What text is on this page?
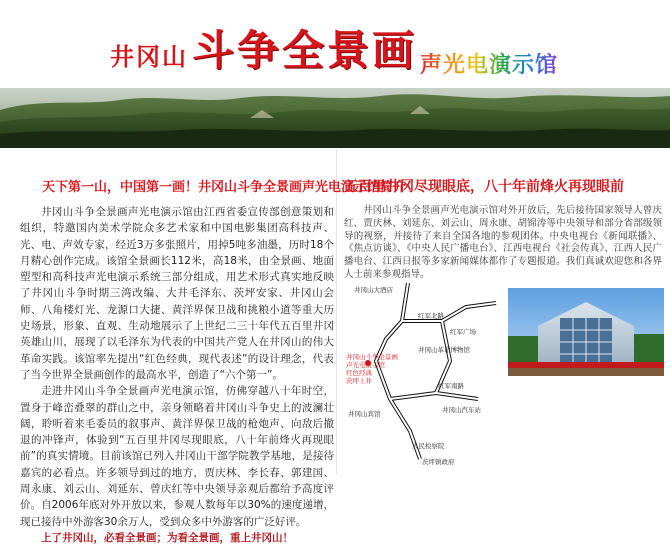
井冈山 斗争全景画 声光电演示馆
天下第一山，中国第一画！井冈山斗争全景画声光电演示馆简介

井冈山斗争全景画声光电演示馆由江西省委宣传部创意策划和组织，特邀国内美术学院众多艺术家和中国电影集团高科技声、光、电、声效专家，经近3万多张照片，用掉5吨多油墨，历时18个月精心创作完成。该馆全景画长112米，高18米，由全景画、地面塑型和高科技声光电演示系统三部分组成，用艺术形式真实地反映了井冈山斗争时期三湾改编、大井毛泽东、茨坪安家、井冈山会师、八角楼灯光、龙源口大捷、黄洋界保卫战和挑粮小道等重大历史场景，形象、直观、生动地展示了上世纪二三十年代五百里井冈英雄山川，展现了以毛泽东为代表的中国共产党人在井冈山的伟大革命实践。该馆率先提出“红色经典，现代表述”的设计理念，代表了当今世界全景画创作的最高水平，创造了“六个第一”。

走进井冈山斗争全景画声光电演示馆，仿佛穿越八十年时空，置身于峰峦叠翠的群山之中，亲身领略着井冈山斗争史上的波澜壮阔，聆听着来毛委员的叙事声、黄洋界保卫战的枪炮声、向敌后撤退的冲锋声，体验到“五百里井冈尽现眼底，八十年前烽火再现眼前”的真实情境。目前该馆已列入井冈山干部学院教学基地，是接待嘉宾的必看点。许多领导到过的地方，贾庆林、李长春、郭建国、周永康、刘云山、刘延东、曾庆红等中央领导亲观后都给予高度评价。自2006年底对外开放以来，参观人数每年以30%的速度递增，现已接待中外游客30余万人，受到众多中外游客的广泛好评。

上了井冈山，必看全景画；为看全景画，重上井冈山！

五百里井冈尽现眼底，八十年前烽火再现眼前

井冈山斗争全景画声光电演示馆对外开放后，先后接待国家领导人曾庆红、贾庆林、刘延东、刘云山、周永康、胡锦涛等中央领导和部分省部级领导的视察，并接待了来自全国各地的参观团体。中央电视台《新闻联播》、《焦点访谈》、《中央人民广播电台》、江西电视台《社会传真》、江西人民广播电台、江西日报等多家新闻媒体都作了专题报道。我们真诚欢迎您和各界人士前来参观指导。

井冈山大酒店
红军北路
红军广场
井冈山革命博物馆
井冈山斗争全景画
声光电演示馆
红色经典
茨坪上井
红军南路
井冈山汽车站
井冈山宾馆
人民检察院
茨坪镇政府
